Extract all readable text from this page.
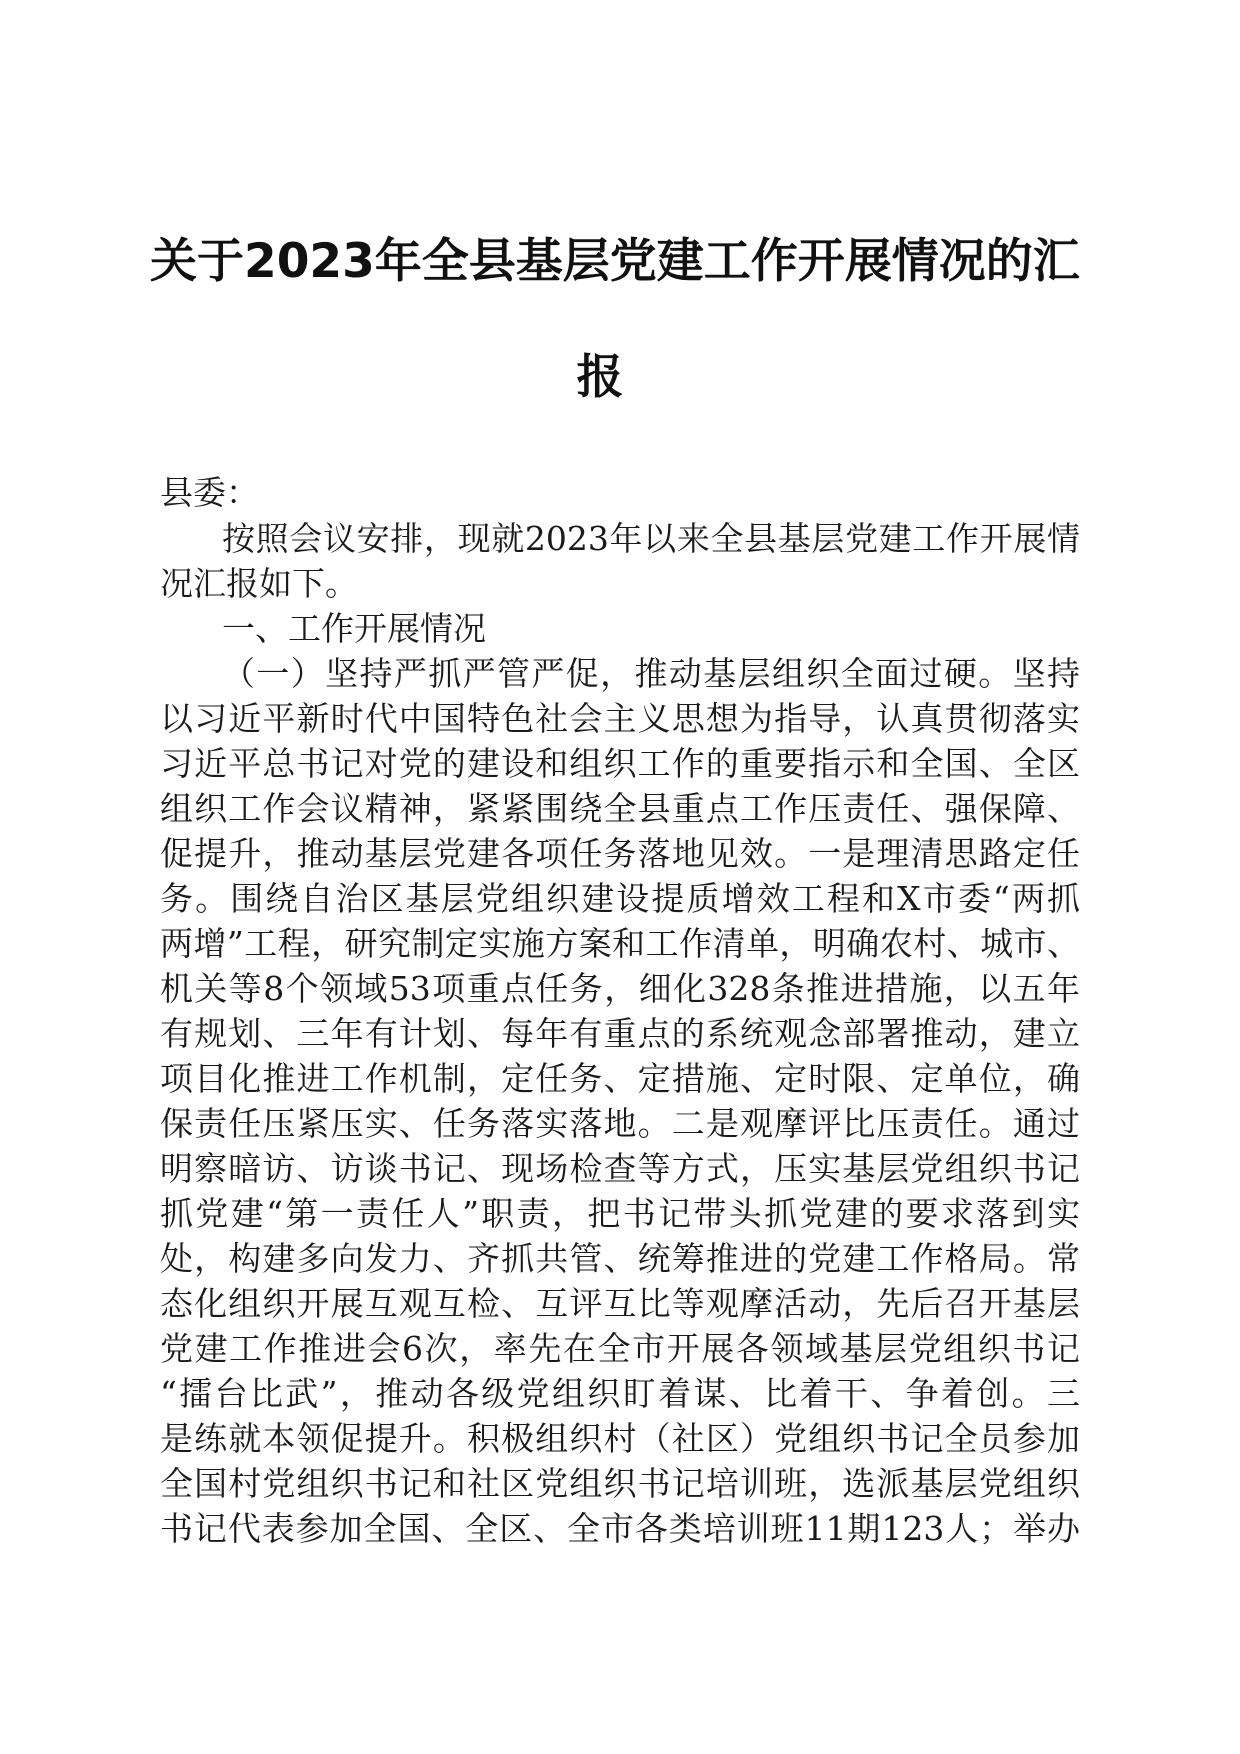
关于2023年全县基层党建工作开展情况的汇
报

县委：

按照会议安排，现就2023年以来全县基层党建工作开展情

况汇报如下。

一、工作开展情况

（一）坚持严抓严管严促，推动基层组织全面过硬。坚持

以习近平新时代中国特色社会主义思想为指导，认真贯彻落实

习近平总书记对党的建设和组织工作的重要指示和全国、全区

组织工作会议精神，紧紧围绕全县重点工作压责任、强保障、

促提升，推动基层党建各项任务落地见效。一是理清思路定任

务。围绕自治区基层党组织建设提质增效工程和X市委“两抓

两增”工程，研究制定实施方案和工作清单，明确农村、城市、

机关等8个领域53项重点任务，细化328条推进措施，以五年

有规划、三年有计划、每年有重点的系统观念部署推动，建立

项目化推进工作机制，定任务、定措施、定时限、定单位，确

保责任压紧压实、任务落实落地。二是观摩评比压责任。通过

明察暗访、访谈书记、现场检查等方式，压实基层党组织书记

抓党建“第一责任人”职责，把书记带头抓党建的要求落到实

处，构建多向发力、齐抓共管、统筹推进的党建工作格局。常

态化组织开展互观互检、互评互比等观摩活动，先后召开基层

党建工作推进会6次，率先在全市开展各领域基层党组织书记

“擂台比武”，推动各级党组织盯着谋、比着干、争着创。三

是练就本领促提升。积极组织村（社区）党组织书记全员参加

全国村党组织书记和社区党组织书记培训班，选派基层党组织

书记代表参加全国、全区、全市各类培训班11期123人；举办
